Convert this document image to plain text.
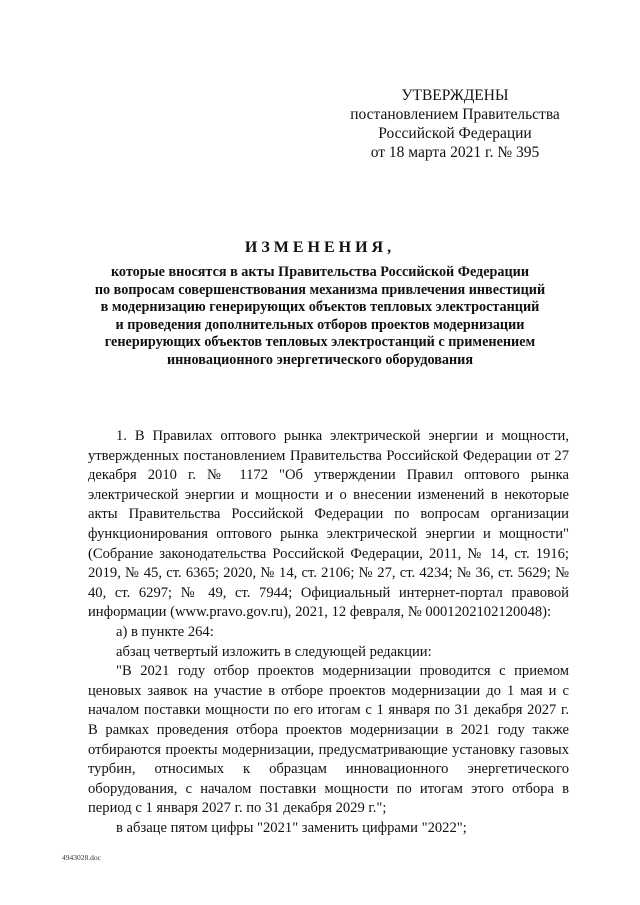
УТВЕРЖДЕНЫ
постановлением Правительства
Российской Федерации
от 18 марта 2021 г. № 395
ИЗМЕНЕНИЯ,
которые вносятся в акты Правительства Российской Федерации
по вопросам совершенствования механизма привлечения инвестиций
в модернизацию генерирующих объектов тепловых электростанций
и проведения дополнительных отборов проектов модернизации
генерирующих объектов тепловых электростанций с применением
инновационного энергетического оборудования

1. В Правилах оптового рынка электрической энергии и мощности, утвержденных постановлением Правительства Российской Федерации от 27 декабря 2010 г. № 1172 "Об утверждении Правил оптового рынка электрической энергии и мощности и о внесении изменений в некоторые акты Правительства Российской Федерации по вопросам организации функционирования оптового рынка электрической энергии и мощности" (Собрание законодательства Российской Федерации, 2011, № 14, ст. 1916; 2019, № 45, ст. 6365; 2020, № 14, ст. 2106; № 27, ст. 4234; № 36, ст. 5629; № 40, ст. 6297; № 49, ст. 7944; Официальный интернет-портал правовой информации (www.pravo.gov.ru), 2021, 12 февраля, № 0001202102120048):

а) в пункте 264:

абзац четвертый изложить в следующей редакции:

"В 2021 году отбор проектов модернизации проводится с приемом ценовых заявок на участие в отборе проектов модернизации до 1 мая и с началом поставки мощности по его итогам с 1 января по 31 декабря 2027 г. В рамках проведения отбора проектов модернизации в 2021 году также отбираются проекты модернизации, предусматривающие установку газовых турбин, относимых к образцам инновационного энергетического оборудования, с началом поставки мощности по итогам этого отбора в период с 1 января 2027 г. по 31 декабря 2029 г.";

в абзаце пятом цифры "2021" заменить цифрами "2022";

4943028.doc
